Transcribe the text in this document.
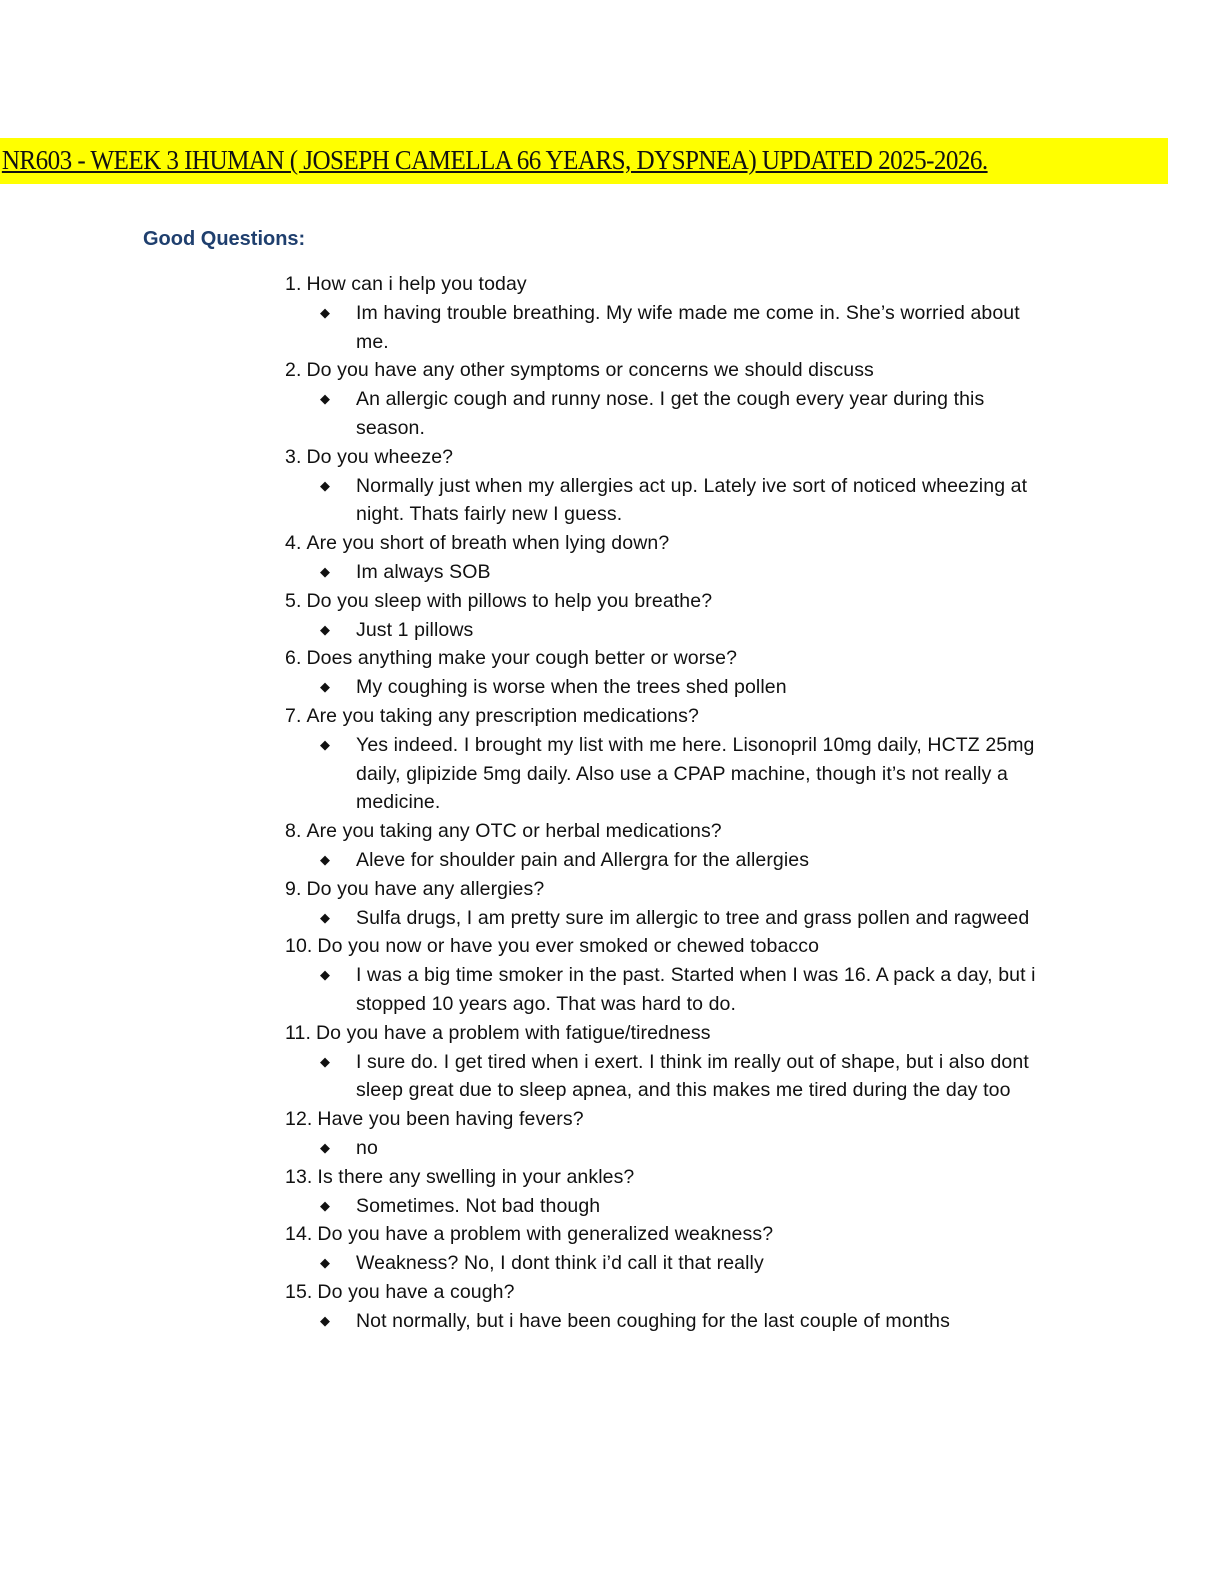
NR603 - WEEK 3 IHUMAN ( JOSEPH CAMELLA 66 YEARS, DYSPNEA) UPDATED 2025-2026.
Good Questions:
1. How can i help you today
◆	Im having trouble breathing. My wife made me come in. She’s worried about me.
2. Do you have any other symptoms or concerns we should discuss
◆	An allergic cough and runny nose. I get the cough every year during this season.
3. Do you wheeze?
◆	Normally just when my allergies act up. Lately ive sort of noticed wheezing at night. Thats fairly new I guess.
4. Are you short of breath when lying down?
◆	Im always SOB
5. Do you sleep with pillows to help you breathe?
◆	Just 1 pillows
6. Does anything make your cough better or worse?
◆	My coughing is worse when the trees shed pollen
7. Are you taking any prescription medications?
◆	Yes indeed. I brought my list with me here. Lisonopril 10mg daily, HCTZ 25mg daily, glipizide 5mg daily. Also use a CPAP machine, though it’s not really a medicine.
8. Are you taking any OTC or herbal medications?
◆	Aleve for shoulder pain and Allergra for the allergies
9. Do you have any allergies?
◆	Sulfa drugs, I am pretty sure im allergic to tree and grass pollen and ragweed
10. Do you now or have you ever smoked or chewed tobacco
◆	I was a big time smoker in the past. Started when I was 16. A pack a day, but i stopped 10 years ago. That was hard to do.
11. Do you have a problem with fatigue/tiredness
◆	I sure do. I get tired when i exert. I think im really out of shape, but i also dont sleep great due to sleep apnea, and this makes me tired during the day too
12. Have you been having fevers?
◆	no
13. Is there any swelling in your ankles?
◆	Sometimes. Not bad though
14. Do you have a problem with generalized weakness?
◆	Weakness? No, I dont think i’d call it that really
15. Do you have a cough?
◆	Not normally, but i have been coughing for the last couple of months
